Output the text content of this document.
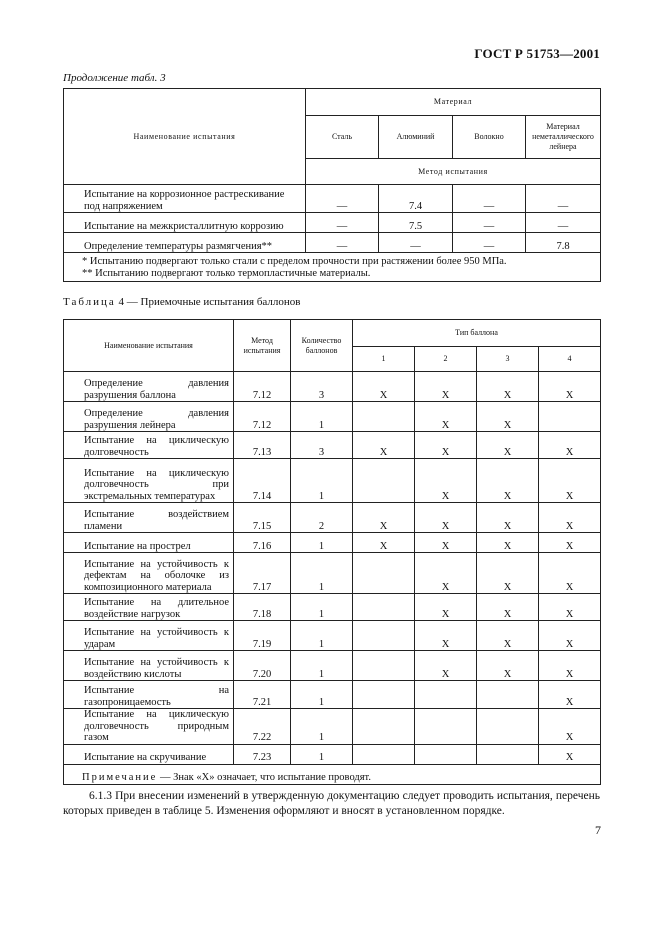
ГОСТ Р 51753—2001
Продолжение табл. 3
Наименование испытания	Материал			
	Сталь	Алюминий	Волокно	Материал неметаллического лейнера
	Метод испытания			
Испытание на коррозионное растрескивание под напряжением	—	7.4	—	—
Испытание на межкристаллитную коррозию	—	7.5	—	—
Определение температуры размягчения**	—	—	—	7.8

* Испытанию подвергают только стали с пределом прочности при растяжении более 950 МПа.
** Испытанию подвергают только термопластичные материалы.				
Таблица 4 — Приемочные испытания баллонов
Наименование испытания	Метод испытания	Количество баллонов	Тип баллона			
			1	2	3	4

Определение давления разрушения баллона	7.12	3	X	X	X	X

Определение давления разрушения лейнера	7.12	1		X	X	

Испытание на циклическую долговечность	7.13	3	X	X	X	X

Испытание на циклическую долговечность при экстремальных температурах	7.14	1		X	X	X

Испытание воздействием пламени	7.15	2	X	X	X	X

Испытание на прострел	7.16	1	X	X	X	X

Испытание на устойчивость к дефектам на оболочке из композиционного материала	7.17	1		X	X	X

Испытание на длительное воздействие нагрузок	7.18	1		X	X	X

Испытание на устойчивость к ударам	7.19	1		X	X	X

Испытание на устойчивость к воздействию кислоты	7.20	1		X	X	X

Испытание на газопроницаемость	7.21	1				X

Испытание на циклическую долговечность природным газом	7.22	1				X

Испытание на скручивание	7.23	1				X
Примечание — Знак «Х» означает, что испытание проводят.						
6.1.3 При внесении изменений в утвержденную документацию следует проводить испытания, перечень которых приведен в таблице 5. Изменения оформляют и вносят в установленном порядке.
7
